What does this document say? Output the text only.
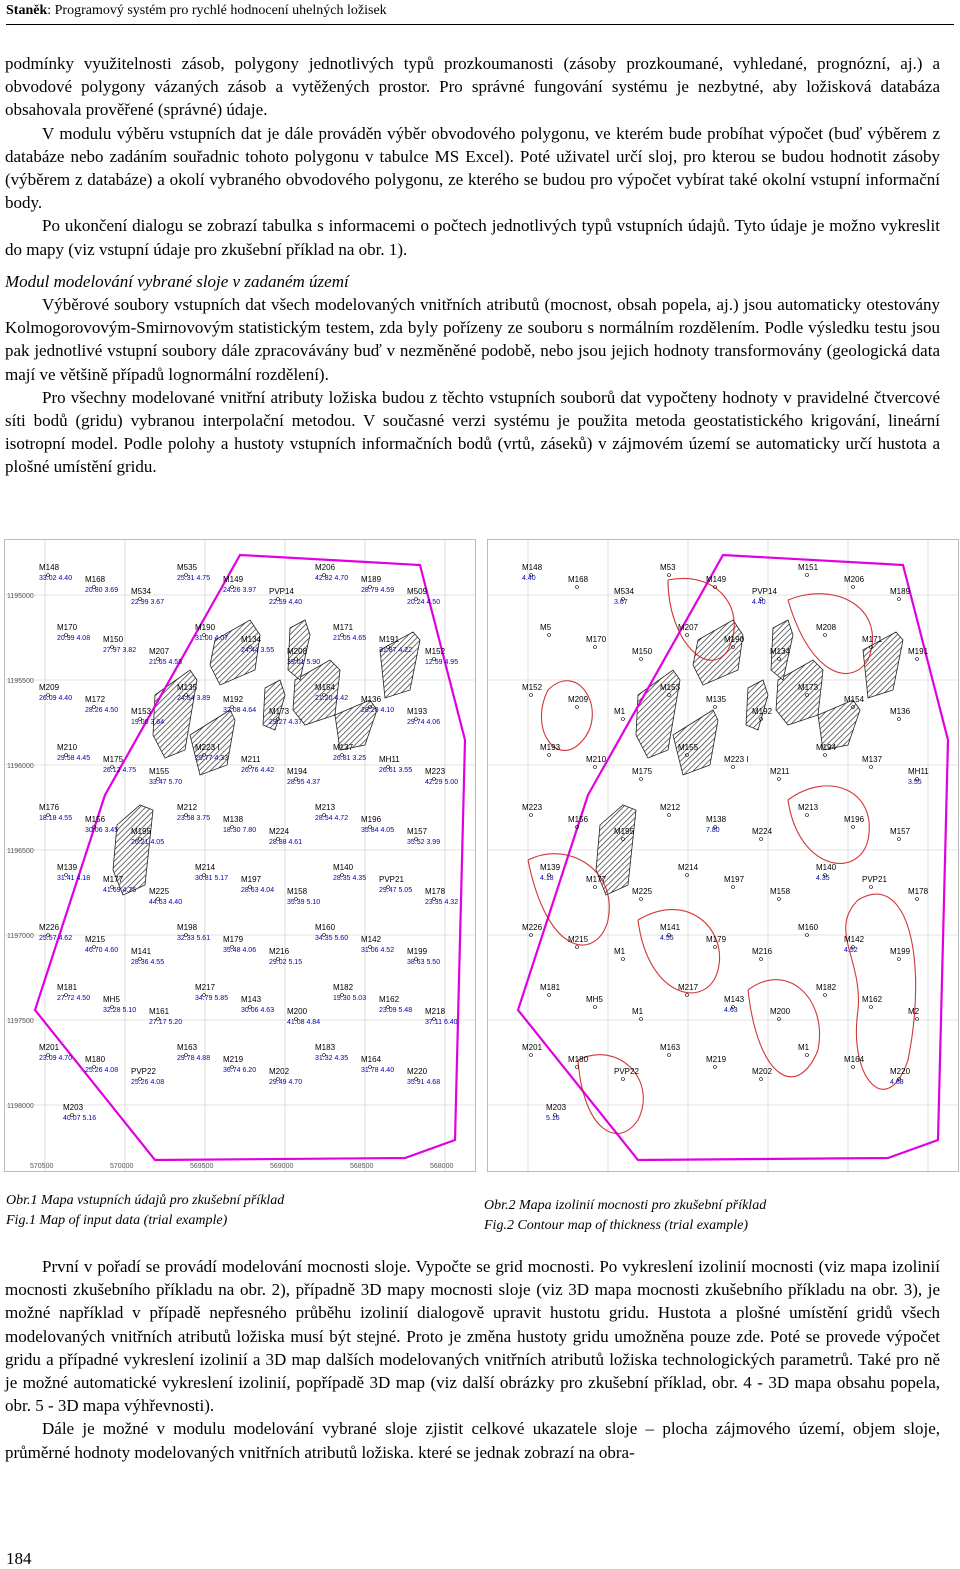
Staněk: Programový systém pro rychlé hodnocení uhelných ložisek

podmínky využitelnosti zásob, polygony jednotlivých typů prozkoumanosti (zásoby prozkoumané, vyhledané, prognózní, aj.) a obvodové polygony vázaných zásob a vytěžených prostor. Pro správné fungování systému je nezbytné, aby ložisková databáza obsahovala prověřené (správné) údaje.

V modulu výběru vstupních dat je dále prováděn výběr obvodového polygonu, ve kterém bude probíhat výpočet (buď výběrem z databáze nebo zadáním souřadnic tohoto polygonu v tabulce MS Excel). Poté uživatel určí sloj, pro kterou se budou hodnotit zásoby (výběrem z databáze) a okolí vybraného obvodového polygonu, ze kterého se budou pro výpočet vybírat také okolní vstupní informační body.

Po ukončení dialogu se zobrazí tabulka s informacemi o počtech jednotlivých typů vstupních údajů. Tyto údaje je možno vykreslit do mapy (viz vstupní údaje pro zkušební příklad na obr. 1).

Modul modelování vybrané sloje v zadaném území

Výběrové soubory vstupních dat všech modelovaných vnitřních atributů (mocnost, obsah popela, aj.) jsou automaticky otestovány Kolmogorovovým-Smirnovovým statistickým testem, zda byly pořízeny ze souboru s normálním rozdělením. Podle výsledku testu jsou pak jednotlivé vstupní soubory dále zpracovávány buď v nezměněné podobě, nebo jsou jejich hodnoty transformovány (geologická data mají ve většině případů lognormální rozdělení).

Pro všechny modelované vnitřní atributy ložiska budou z těchto vstupních souborů dat vypočteny hodnoty v pravidelné čtvercové síti bodů (gridu) vybranou interpolační metodou. V současné verzi systému je použita metoda geostatistického krigování, lineární isotropní model. Podle polohy a hustoty vstupních informačních bodů (vrtů, záseků) v zájmovém území se automaticky určí hustota a plošné umístění gridu.

1195000
1195500
1196000
1196500
1197000
1197500
1198000
570500	570000	569500	569000	568500	568000
M148
33.02 4.40 M168
20.80 3.69 M534
22.99 3.67
M535
25.31 4.75 M149
24.26 3.97 PVP14
22.59 4.40
M206
42.82 4.70 M189
28.79 4.59 M509
20.24 4.50
M170
20.99 4.08 M150
27.97 3.82 M207
21.65 4.58
M190
31.00 4.07 M134
24.44 3.55 M208
39.01 5.90
M171
21.05 4.65 M191
31.87 4.22 M152
12.59 4.95
M209
26.09 4.40 M172
28.26 4.50 M153
19.00 3.64
M135
24.54 3.89 M192
32.08 4.64 M173
29.27 4.37
M154
21.20 4.42 M136
28.20 4.10 M193
29.74 4.06
M210
29.58 4.45 M175
26.12 4.75 M155
33.47 5.70
M223 I
29.77 4.33 M211
26.76 4.42 M194
28.95 4.37
M137
26.81 3.25 MH11
26.61 3.55 M223
42.29 5.00
M176
18.18 4.55 M156
30.06 3.45 M195
26.21 4.05
M212
23.58 3.75 M138
18.30 7.80 M224
28.88 4.61
M213
28.54 4.72 M196
35.84 4.05 M157
35.52 3.99
M139
31.41 4.18 M177
41.69 4.75 M225
44.63 4.40
M214
30.81 5.17 M197
28.63 4.04 M158
35.39 5.10
M140
28.35 4.35 PVP21
29.47 5.05 M178
23.35 4.32
M226
25.57 4.62 M215
46.70 4.60 M141
28.36 4.55
M198
32.33 5.61 M179
35.48 4.06 M216
29.02 5.15
M160
34.35 5.60 M142
31.06 4.52 M199
38.63 5.50
M181
27.72 4.50 MH5
32.28 5.10 M161
27.17 5.20
M217
34.79 5.85 M143
30.06 4.63 M200
41.08 4.84
M182
19.30 5.03 M162
23.09 5.48 M218
37.11 6.40
M201
23.09 4.70 M180
25.26 4.08 PVP22
25.26 4.08
M163
29.78 4.88 M219
36.74 6.20 M202
29.49 4.70
M183
31.32 4.35 M164
31.78 4.40 M220
35.91 4.68
M203
40.07 5.16
M148
4.40	M168
M534
3.67
M53
M149
PVP14
4.40
M151
M206
M189
M5
M170
M150
M207
M190
M134
M208
M171
M191
M152
M209
M1
M153
M135
M192
M173
M154
M136
M193
M210
M175
M155
M223 I
M211
M194
M137
MH11
3.55
M223
M156
M195
M212
M138
7.80	M224
M213
M196
M157
M139
4.18	M177
M225
M214
M197
M158
M140
4.35	PVP21
M178
M226
M215
M1
M141
4.55	M179
M216
M160
M142
4.52	M199
M181
MH5
M1
M217
M143
4.63	M200
M182
M162
M2
M201
M180
PVP22
M163
M219
M202
M1
M164
M220
4.68
M203
5.16
Obr.1 Mapa vstupních údajů pro zkušební příklad
Fig.1 Map of input data (trial example)
Obr.2 Mapa izolinií mocnosti pro zkušební příklad
Fig.2 Contour map of thickness (trial example)

První v pořadí se provádí modelování mocnosti sloje. Vypočte se grid mocnosti. Po vykreslení izolinií mocnosti (viz mapa izolinií mocnosti zkušebního příkladu na obr. 2), případně 3D mapy mocnosti sloje (viz 3D mapa mocnosti zkušebního příkladu na obr. 3), je možné například v případě nepřesného průběhu izolinií dialogově upravit hustotu gridu. Hustota a plošné umístění gridů všech modelovaných vnitřních atributů ložiska musí být stejné. Proto je změna hustoty gridu umožněna pouze zde. Poté se provede výpočet gridu a případné vykreslení izolinií a 3D map dalších modelovaných vnitřních atributů ložiska technologických parametrů. Také pro ně je možné automatické vykreslení izolinií, popřípadě 3D map (viz další obrázky pro zkušební příklad, obr. 4 - 3D mapa obsahu popela, obr. 5 - 3D mapa výhřevnosti).

Dále je možné v modulu modelování vybrané sloje zjistit celkové ukazatele sloje – plocha zájmového území, objem sloje, průměrné hodnoty modelovaných vnitřních atributů ložiska. které se jednak zobrazí na obra-

184
